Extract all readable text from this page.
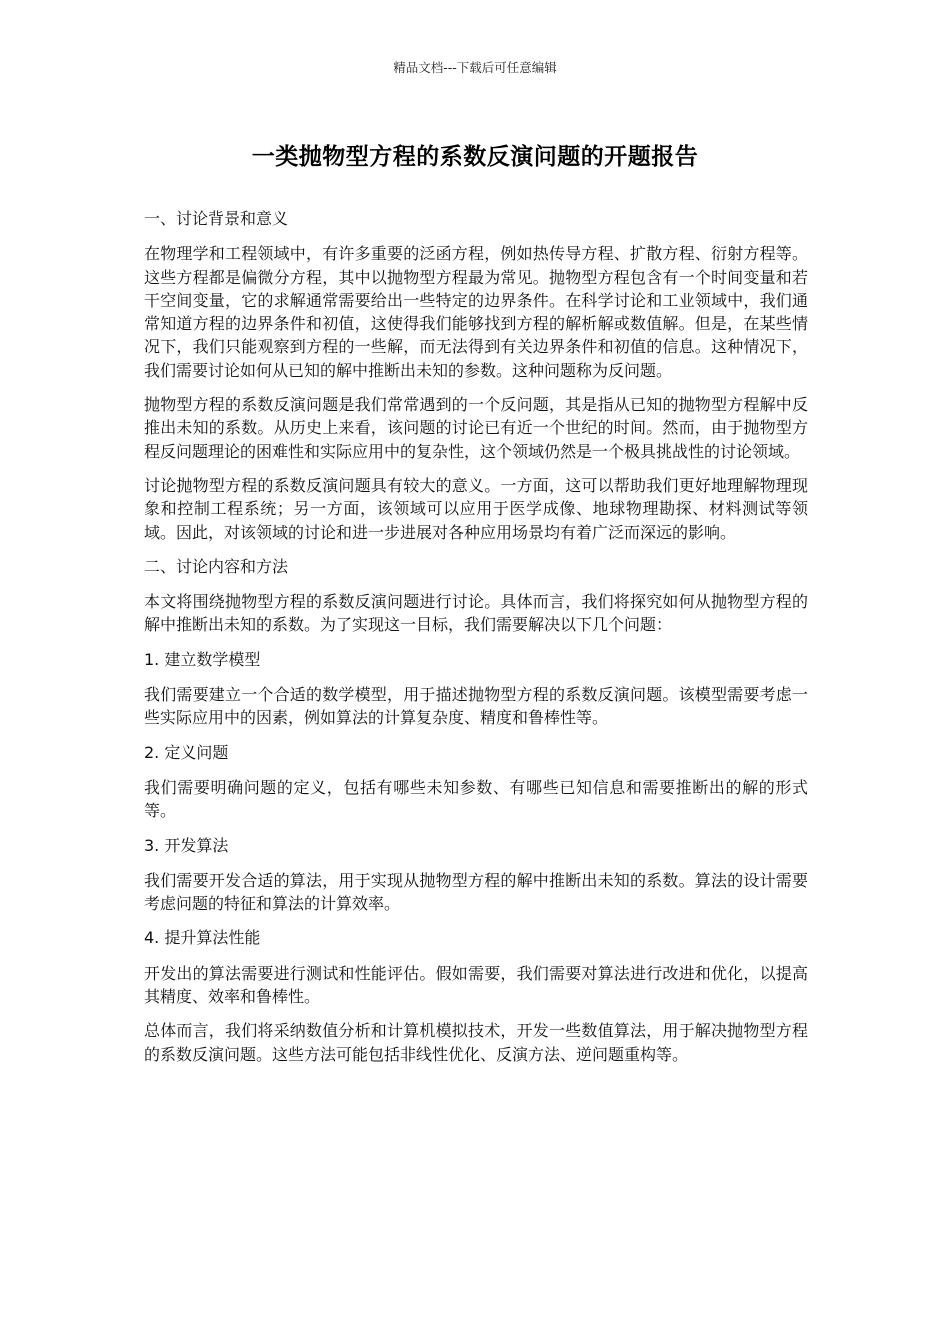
精品文档---下载后可任意编辑
一类抛物型方程的系数反演问题的开题报告

一、讨论背景和意义

在物理学和工程领域中，有许多重要的泛函方程，例如热传导方程、扩散方程、衍射方程等。这些方程都是偏微分方程，其中以抛物型方程最为常见。抛物型方程包含有一个时间变量和若干空间变量，它的求解通常需要给出一些特定的边界条件。在科学讨论和工业领域中，我们通常知道方程的边界条件和初值，这使得我们能够找到方程的解析解或数值解。但是，在某些情况下，我们只能观察到方程的一些解，而无法得到有关边界条件和初值的信息。这种情况下，我们需要讨论如何从已知的解中推断出未知的参数。这种问题称为反问题。

抛物型方程的系数反演问题是我们常常遇到的一个反问题，其是指从已知的抛物型方程解中反推出未知的系数。从历史上来看，该问题的讨论已有近一个世纪的时间。然而，由于抛物型方程反问题理论的困难性和实际应用中的复杂性，这个领域仍然是一个极具挑战性的讨论领域。

讨论抛物型方程的系数反演问题具有较大的意义。一方面，这可以帮助我们更好地理解物理现象和控制工程系统；另一方面，该领域可以应用于医学成像、地球物理勘探、材料测试等领域。因此，对该领域的讨论和进一步进展对各种应用场景均有着广泛而深远的影响。

二、讨论内容和方法

本文将围绕抛物型方程的系数反演问题进行讨论。具体而言，我们将探究如何从抛物型方程的解中推断出未知的系数。为了实现这一目标，我们需要解决以下几个问题：

1. 建立数学模型

我们需要建立一个合适的数学模型，用于描述抛物型方程的系数反演问题。该模型需要考虑一些实际应用中的因素，例如算法的计算复杂度、精度和鲁棒性等。

2. 定义问题

我们需要明确问题的定义，包括有哪些未知参数、有哪些已知信息和需要推断出的解的形式等。

3. 开发算法

我们需要开发合适的算法，用于实现从抛物型方程的解中推断出未知的系数。算法的设计需要考虑问题的特征和算法的计算效率。

4. 提升算法性能

开发出的算法需要进行测试和性能评估。假如需要，我们需要对算法进行改进和优化，以提高其精度、效率和鲁棒性。

总体而言，我们将采纳数值分析和计算机模拟技术，开发一些数值算法，用于解决抛物型方程的系数反演问题。这些方法可能包括非线性优化、反演方法、逆问题重构等。
